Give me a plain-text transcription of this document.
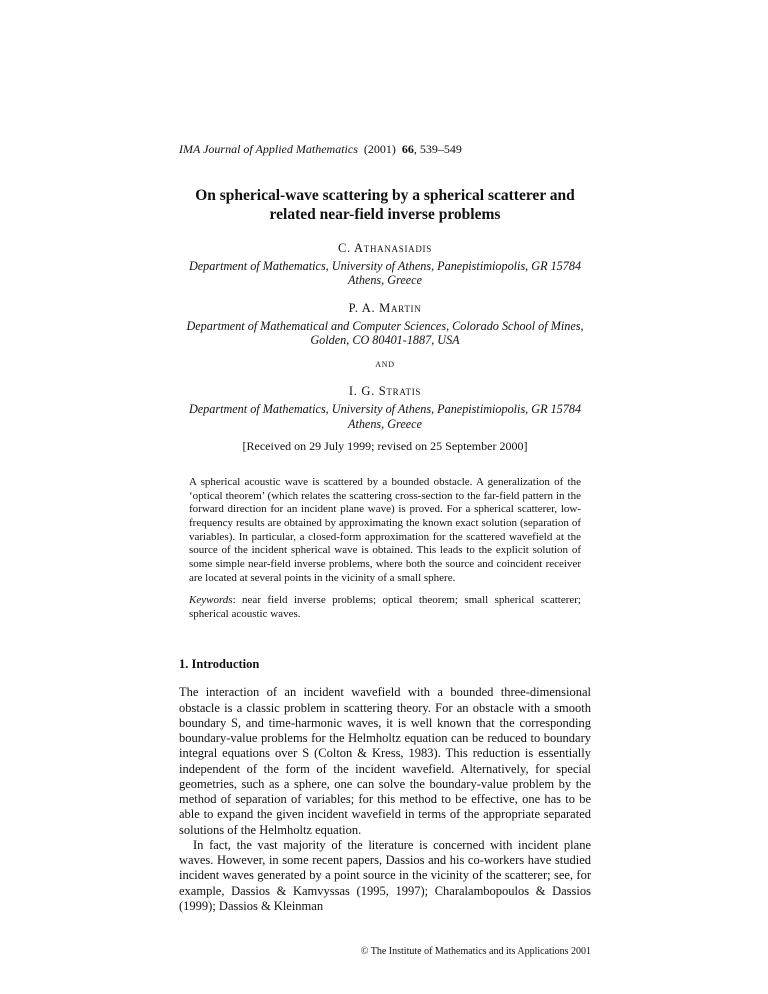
IMA Journal of Applied Mathematics (2001) 66, 539–549
On spherical-wave scattering by a spherical scatterer and related near-field inverse problems
C. Athanasiadis
Department of Mathematics, University of Athens, Panepistimiopolis, GR 15784 Athens, Greece
P. A. Martin
Department of Mathematical and Computer Sciences, Colorado School of Mines, Golden, CO 80401-1887, USA
and
I. G. Stratis
Department of Mathematics, University of Athens, Panepistimiopolis, GR 15784 Athens, Greece
[Received on 29 July 1999; revised on 25 September 2000]

A spherical acoustic wave is scattered by a bounded obstacle. A generalization of the ‘optical theorem’ (which relates the scattering cross-section to the far-field pattern in the forward direction for an incident plane wave) is proved. For a spherical scatterer, low-frequency results are obtained by approximating the known exact solution (separation of variables). In particular, a closed-form approximation for the scattered wavefield at the source of the incident spherical wave is obtained. This leads to the explicit solution of some simple near-field inverse problems, where both the source and coincident receiver are located at several points in the vicinity of a small sphere.

Keywords: near field inverse problems; optical theorem; small spherical scatterer; spherical acoustic waves.

1. Introduction

The interaction of an incident wavefield with a bounded three-dimensional obstacle is a classic problem in scattering theory. For an obstacle with a smooth boundary S, and time-harmonic waves, it is well known that the corresponding boundary-value problems for the Helmholtz equation can be reduced to boundary integral equations over S (Colton & Kress, 1983). This reduction is essentially independent of the form of the incident wavefield. Alternatively, for special geometries, such as a sphere, one can solve the boundary-value problem by the method of separation of variables; for this method to be effective, one has to be able to expand the given incident wavefield in terms of the appropriate separated solutions of the Helmholtz equation.

In fact, the vast majority of the literature is concerned with incident plane waves. However, in some recent papers, Dassios and his co-workers have studied incident waves generated by a point source in the vicinity of the scatterer; see, for example, Dassios & Kamvyssas (1995, 1997); Charalambopoulos & Dassios (1999); Dassios & Kleinman

© The Institute of Mathematics and its Applications 2001
